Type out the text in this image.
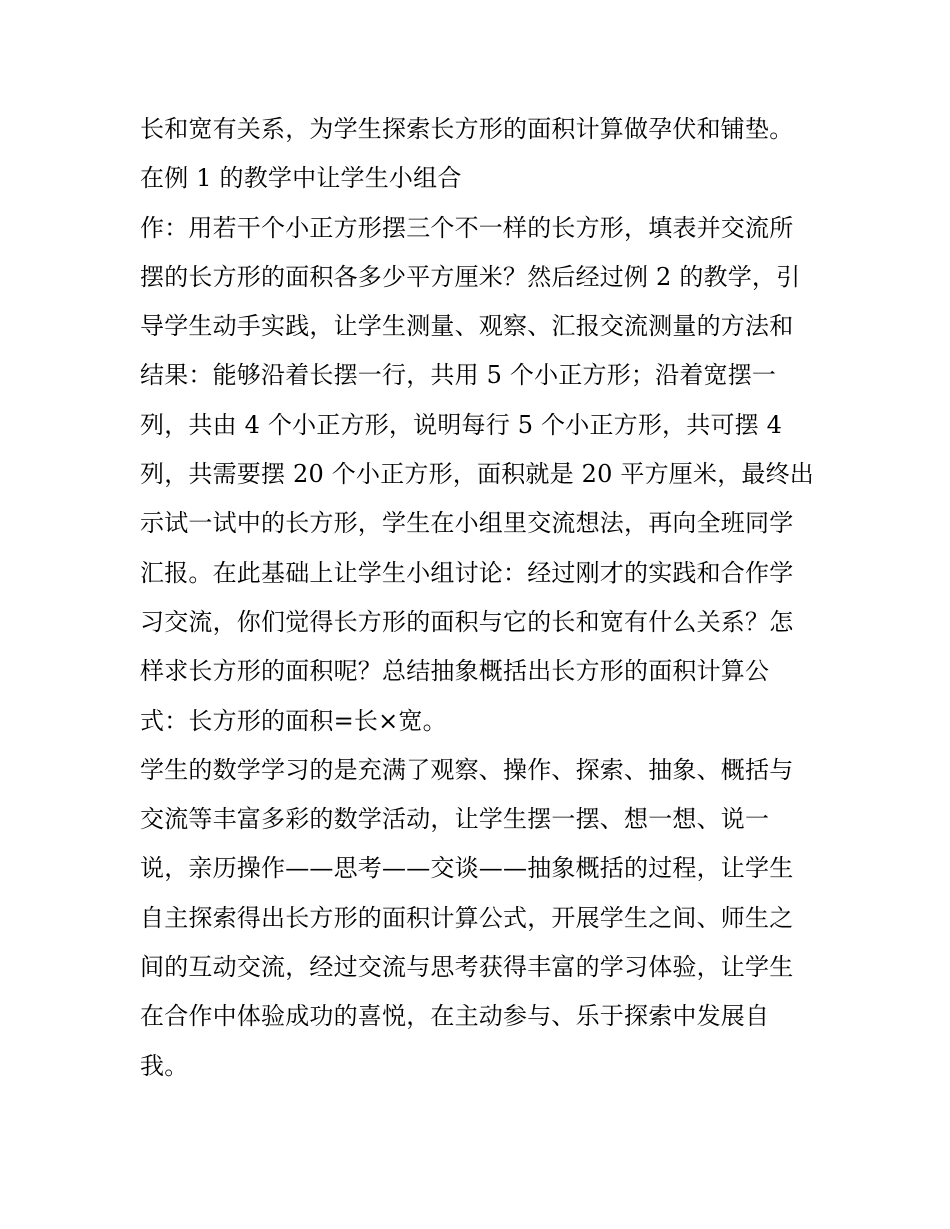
长和宽有关系，为学生探索长方形的面积计算做孕伏和铺垫。
在例 1 的教学中让学生小组合
作：用若干个小正方形摆三个不一样的长方形，填表并交流所
摆的长方形的面积各多少平方厘米？然后经过例 2 的教学，引
导学生动手实践，让学生测量、观察、汇报交流测量的方法和
结果：能够沿着长摆一行，共用 5 个小正方形；沿着宽摆一
列，共由 4 个小正方形，说明每行 5 个小正方形，共可摆 4
列，共需要摆 20 个小正方形，面积就是 20 平方厘米，最终出
示试一试中的长方形，学生在小组里交流想法，再向全班同学
汇报。在此基础上让学生小组讨论：经过刚才的实践和合作学
习交流，你们觉得长方形的面积与它的长和宽有什么关系？怎
样求长方形的面积呢？总结抽象概括出长方形的面积计算公
式：长方形的面积=长×宽。
学生的数学学习的是充满了观察、操作、探索、抽象、概括与
交流等丰富多彩的数学活动，让学生摆一摆、想一想、说一
说，亲历操作——思考——交谈——抽象概括的过程，让学生
自主探索得出长方形的面积计算公式，开展学生之间、师生之
间的互动交流，经过交流与思考获得丰富的学习体验，让学生
在合作中体验成功的喜悦，在主动参与、乐于探索中发展自
我。
